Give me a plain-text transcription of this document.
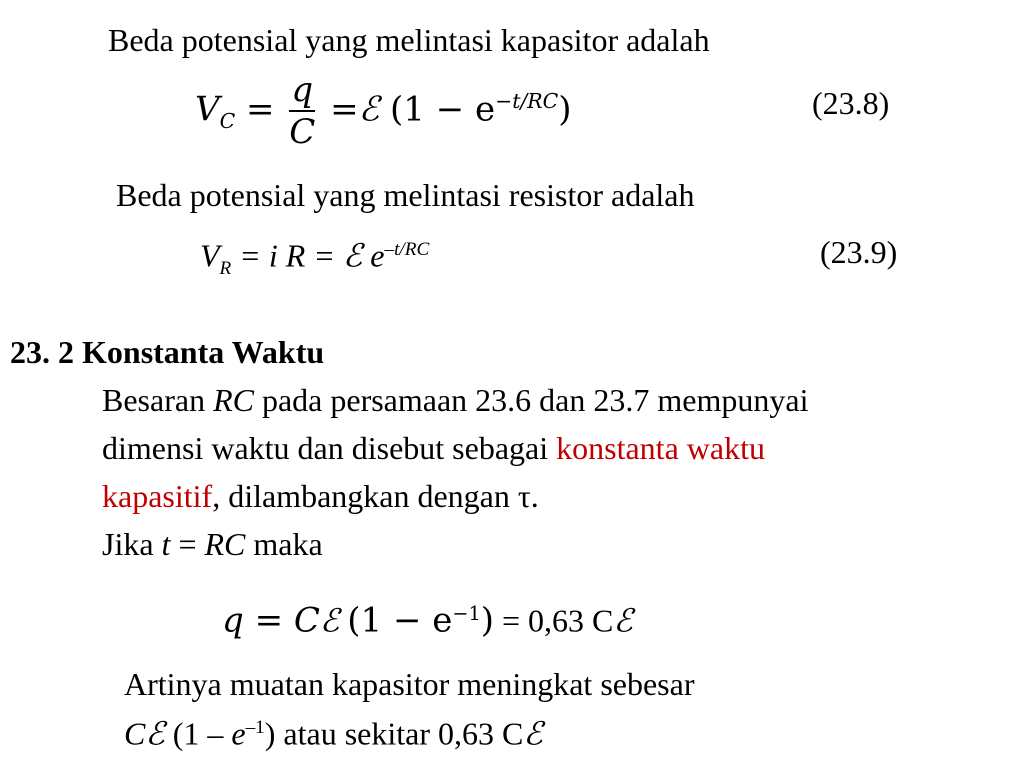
Beda potensial yang melintasi kapasitor adalah
$V_C = \frac{q}{C}$ =ℰ $(1 - e^{-t/RC})$	(23.8)
Beda potensial yang melintasi resistor adalah
$V_R = i$ R = ℰ $e^{-t/RC}$	(23.9)
23. 2 Konstanta Waktu
Besaran RC pada persamaan 23.6 dan 23.7 mempunyai
dimensi waktu dan disebut sebagai konstanta waktu
kapasitif, dilambangkan dengan τ.
Jika t = RC maka
q = Cℰ $(1 - e^{-1}) = 0,63$ Cℰ
Artinya muatan kapasitor meningkat sebesar
Cℰ $(1 - e^{-1})$ atau sekitar 0,63 Cℰ
